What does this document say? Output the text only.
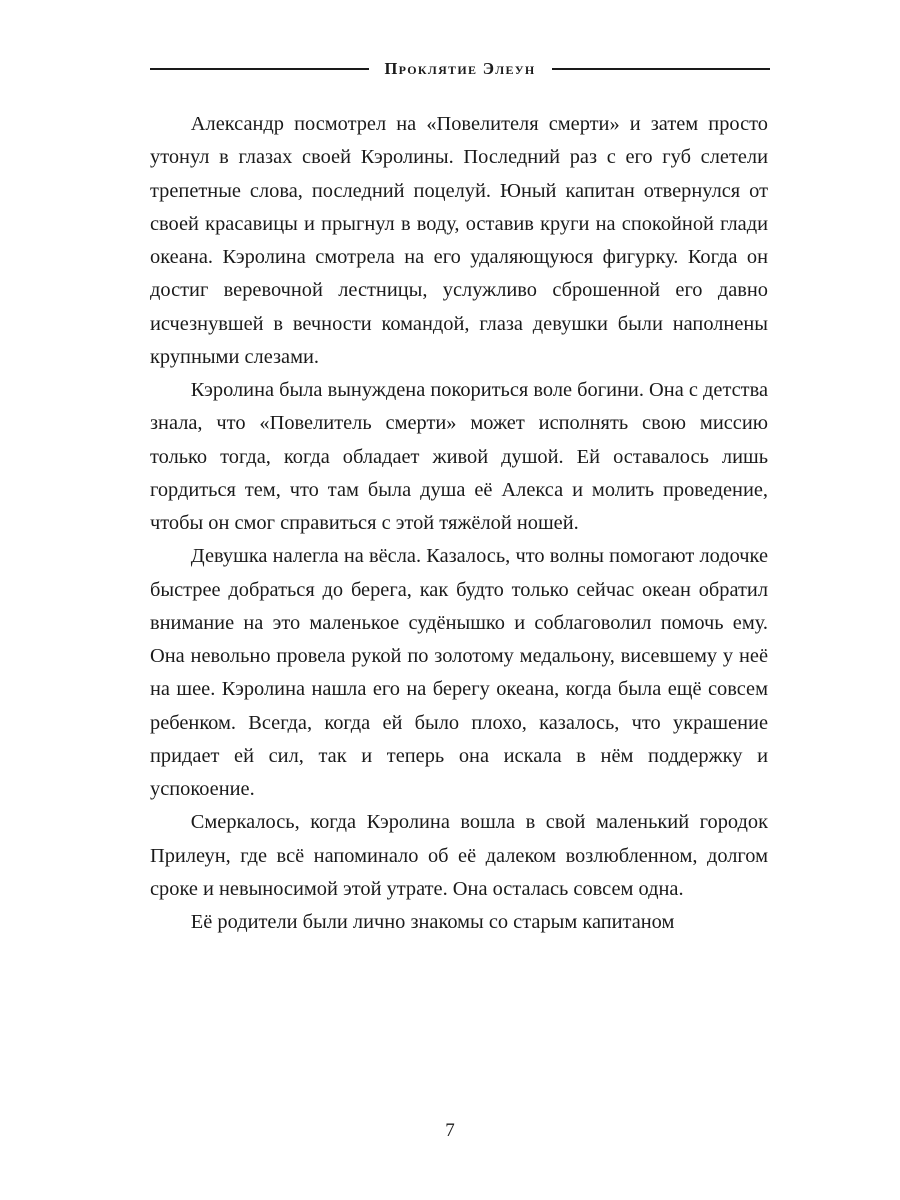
Проклятие Элеун

Александр посмотрел на «Повелителя смерти» и затем просто утонул в глазах своей Кэролины. Последний раз с его губ слетели трепетные слова, последний поцелуй. Юный капитан отвернулся от своей красавицы и прыгнул в воду, оставив круги на спокойной глади океана. Кэролина смотрела на его удаляющуюся фигурку. Когда он достиг веревочной лестницы, услужливо сброшенной его давно исчезнувшей в вечности командой, глаза девушки были наполнены крупными слезами.

Кэролина была вынуждена покориться воле богини. Она с детства знала, что «Повелитель смерти» может исполнять свою миссию только тогда, когда обладает живой душой. Ей оставалось лишь гордиться тем, что там была душа её Алекса и молить проведение, чтобы он смог справиться с этой тяжёлой ношей.

Девушка налегла на вёсла. Казалось, что волны помогают лодочке быстрее добраться до берега, как будто только сейчас океан обратил внимание на это маленькое судёнышко и соблаговолил помочь ему. Она невольно провела рукой по золотому медальону, висевшему у неё на шее. Кэролина нашла его на берегу океана, когда была ещё совсем ребенком. Всегда, когда ей было плохо, казалось, что украшение придает ей сил, так и теперь она искала в нём поддержку и успокоение.

Смеркалось, когда Кэролина вошла в свой маленький городок Прилеун, где всё напоминало об её далеком возлюбленном, долгом сроке и невыносимой этой утрате. Она осталась совсем одна.

Её родители были лично знакомы со старым капитаном

7
